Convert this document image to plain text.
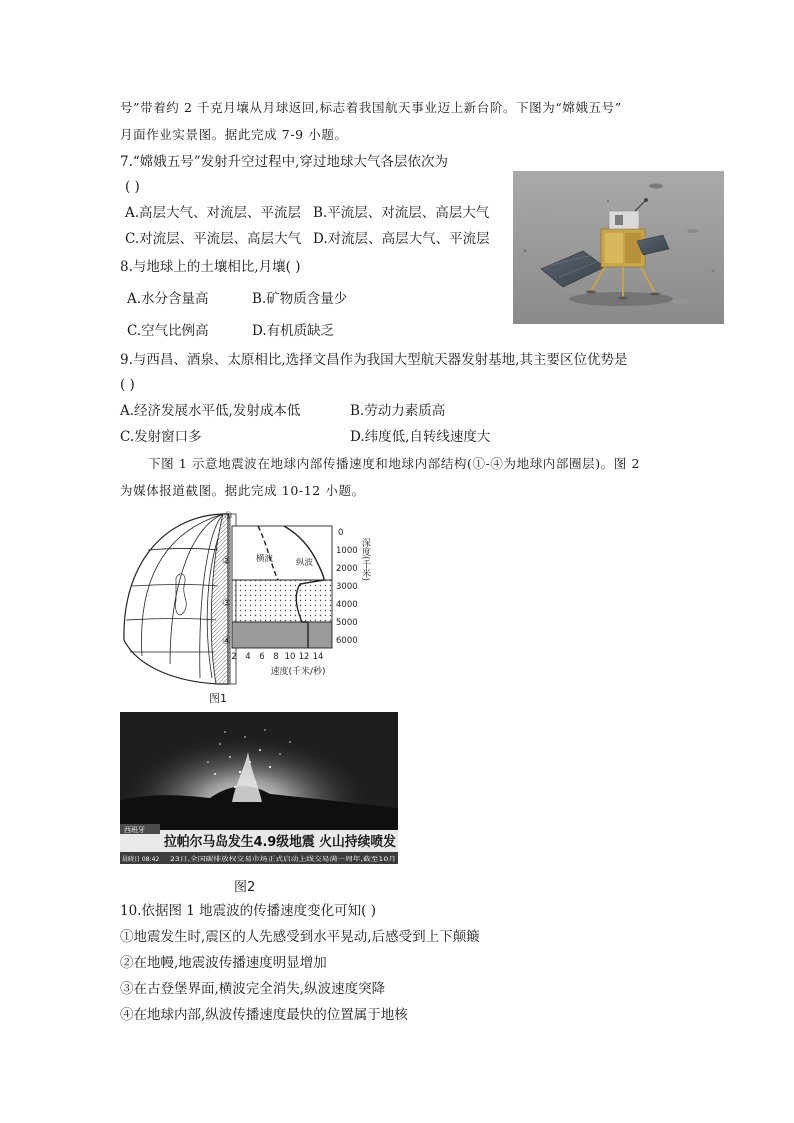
号”带着约 2 千克月壤从月球返回,标志着我国航天事业迈上新台阶。下图为“嫦娥五号”
月面作业实景图。据此完成 7-9 小题。
7.“嫦娥五号”发射升空过程中,穿过地球大气各层依次为
( )
A.高层大气、对流层、平流层 B.平流层、对流层、高层大气
C.对流层、平流层、高层大气 D.对流层、高层大气、平流层
8.与地球上的土壤相比,月壤( )
A.水分含量高	B.矿物质含量少
C.空气比例高	D.有机质缺乏
9.与西昌、酒泉、太原相比,选择文昌作为我国大型航天器发射基地,其主要区位优势是
( )
A.经济发展水平低,发射成本低	B.劳动力素质高
C.发射窗口多	D.纬度低,自转线速度大
下图 1 示意地震波在地球内部传播速度和地球内部结构(①-④为地球内部圈层)。图 2
为媒体报道截图。据此完成 10-12 小题。
横波	纵波
①
②
③
④
0
1000
2000
3000
4000
5000
6000
深度(千米)
2 4 6 8 10 12 14
速度(千米/秒)
图1
西班牙
拉帕尔马岛发生4.9级地震 火山持续喷发
晨晓日 08:42 23日,全国碳排放权交易市场正式启动上线交易满一周年,截至10月
图2
10.依据图 1 地震波的传播速度变化可知( )
①地震发生时,震区的人先感受到水平晃动,后感受到上下颠簸
②在地幔,地震波传播速度明显增加
③在古登堡界面,横波完全消失,纵波速度突降
④在地球内部,纵波传播速度最快的位置属于地核
